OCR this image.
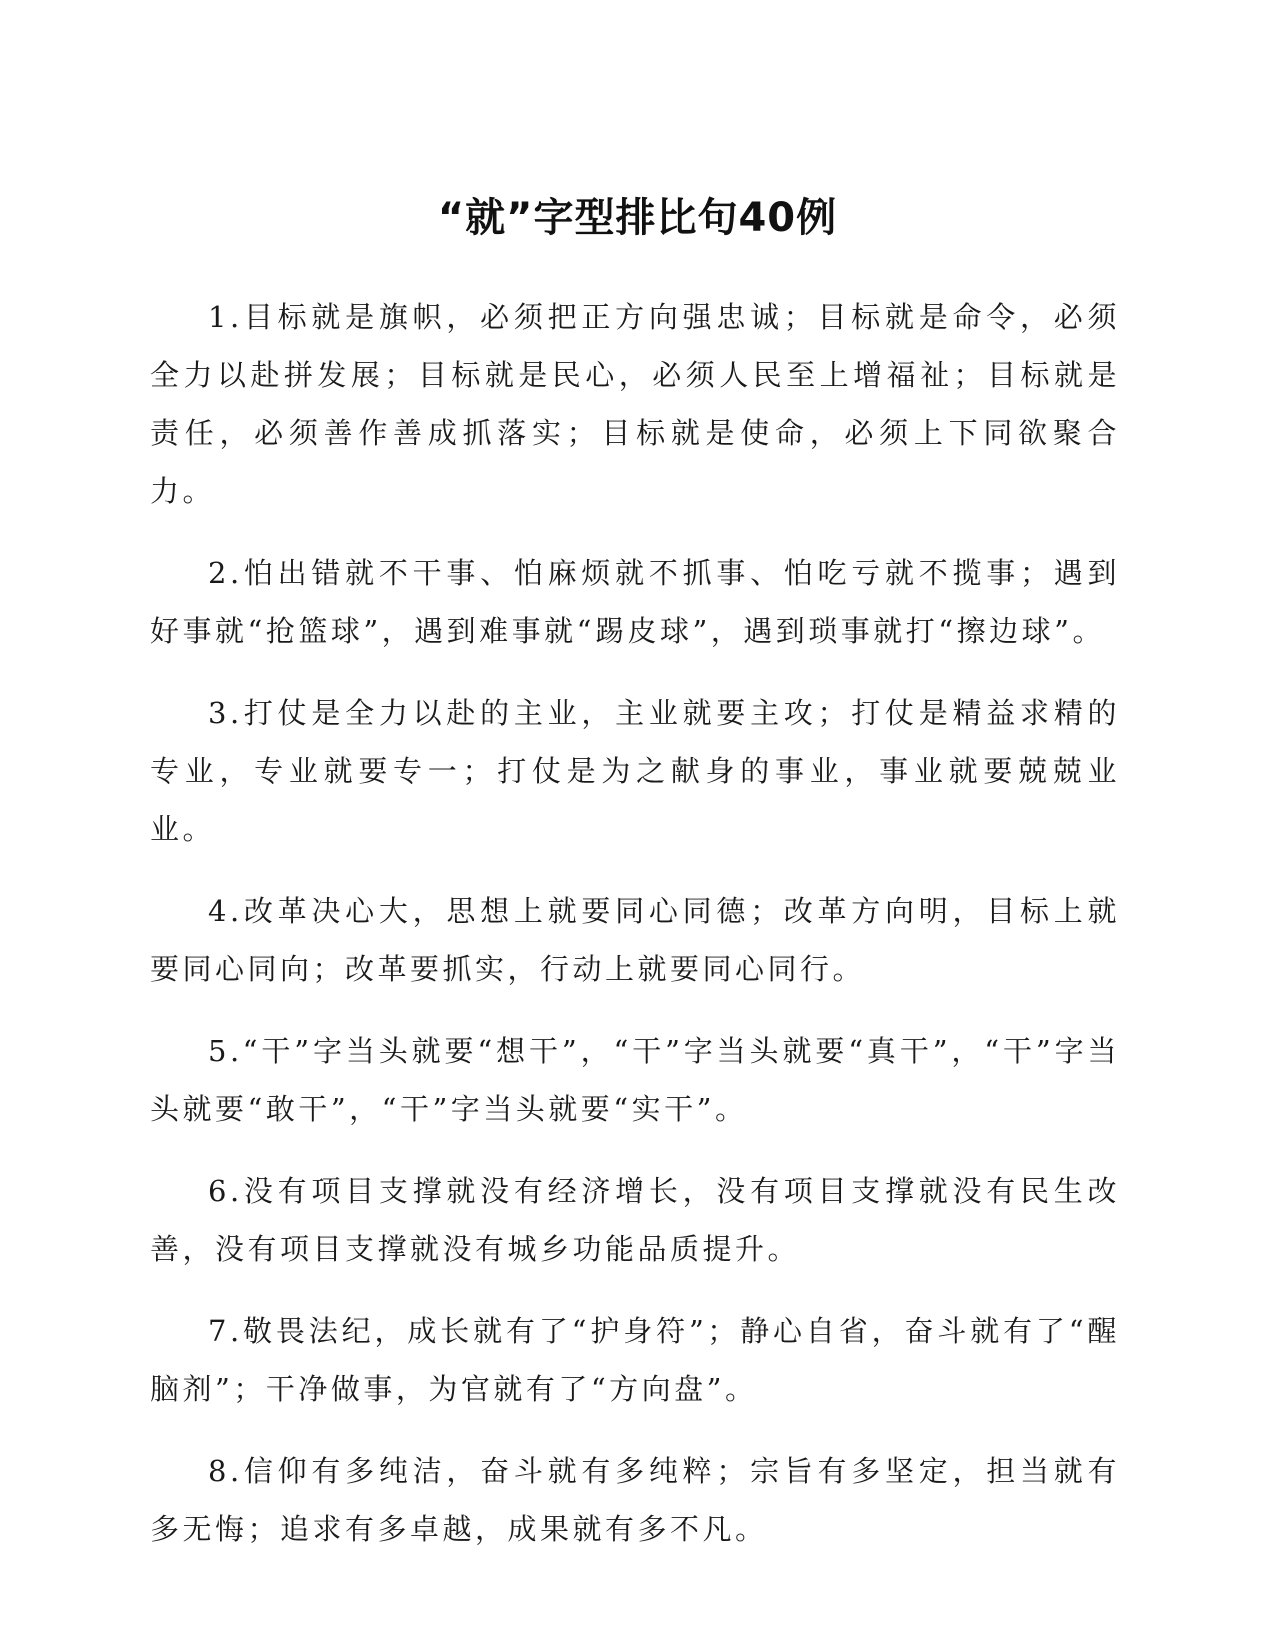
“就”字型排比句40例

1.目标就是旗帜，必须把正方向强忠诚；目标就是命令，必须全力以赴拼发展；目标就是民心，必须人民至上增福祉；目标就是责任，必须善作善成抓落实；目标就是使命，必须上下同欲聚合力。

2.怕出错就不干事、怕麻烦就不抓事、怕吃亏就不揽事；遇到好事就“抢篮球”，遇到难事就“踢皮球”，遇到琐事就打“擦边球”。

3.打仗是全力以赴的主业，主业就要主攻；打仗是精益求精的专业，专业就要专一；打仗是为之献身的事业，事业就要兢兢业业。

4.改革决心大，思想上就要同心同德；改革方向明，目标上就要同心同向；改革要抓实，行动上就要同心同行。

5.“干”字当头就要“想干”，“干”字当头就要“真干”，“干”字当头就要“敢干”，“干”字当头就要“实干”。

6.没有项目支撑就没有经济增长，没有项目支撑就没有民生改善，没有项目支撑就没有城乡功能品质提升。

7.敬畏法纪，成长就有了“护身符”；静心自省，奋斗就有了“醒脑剂”；干净做事，为官就有了“方向盘”。

8.信仰有多纯洁，奋斗就有多纯粹；宗旨有多坚定，担当就有多无悔；追求有多卓越，成果就有多不凡。
